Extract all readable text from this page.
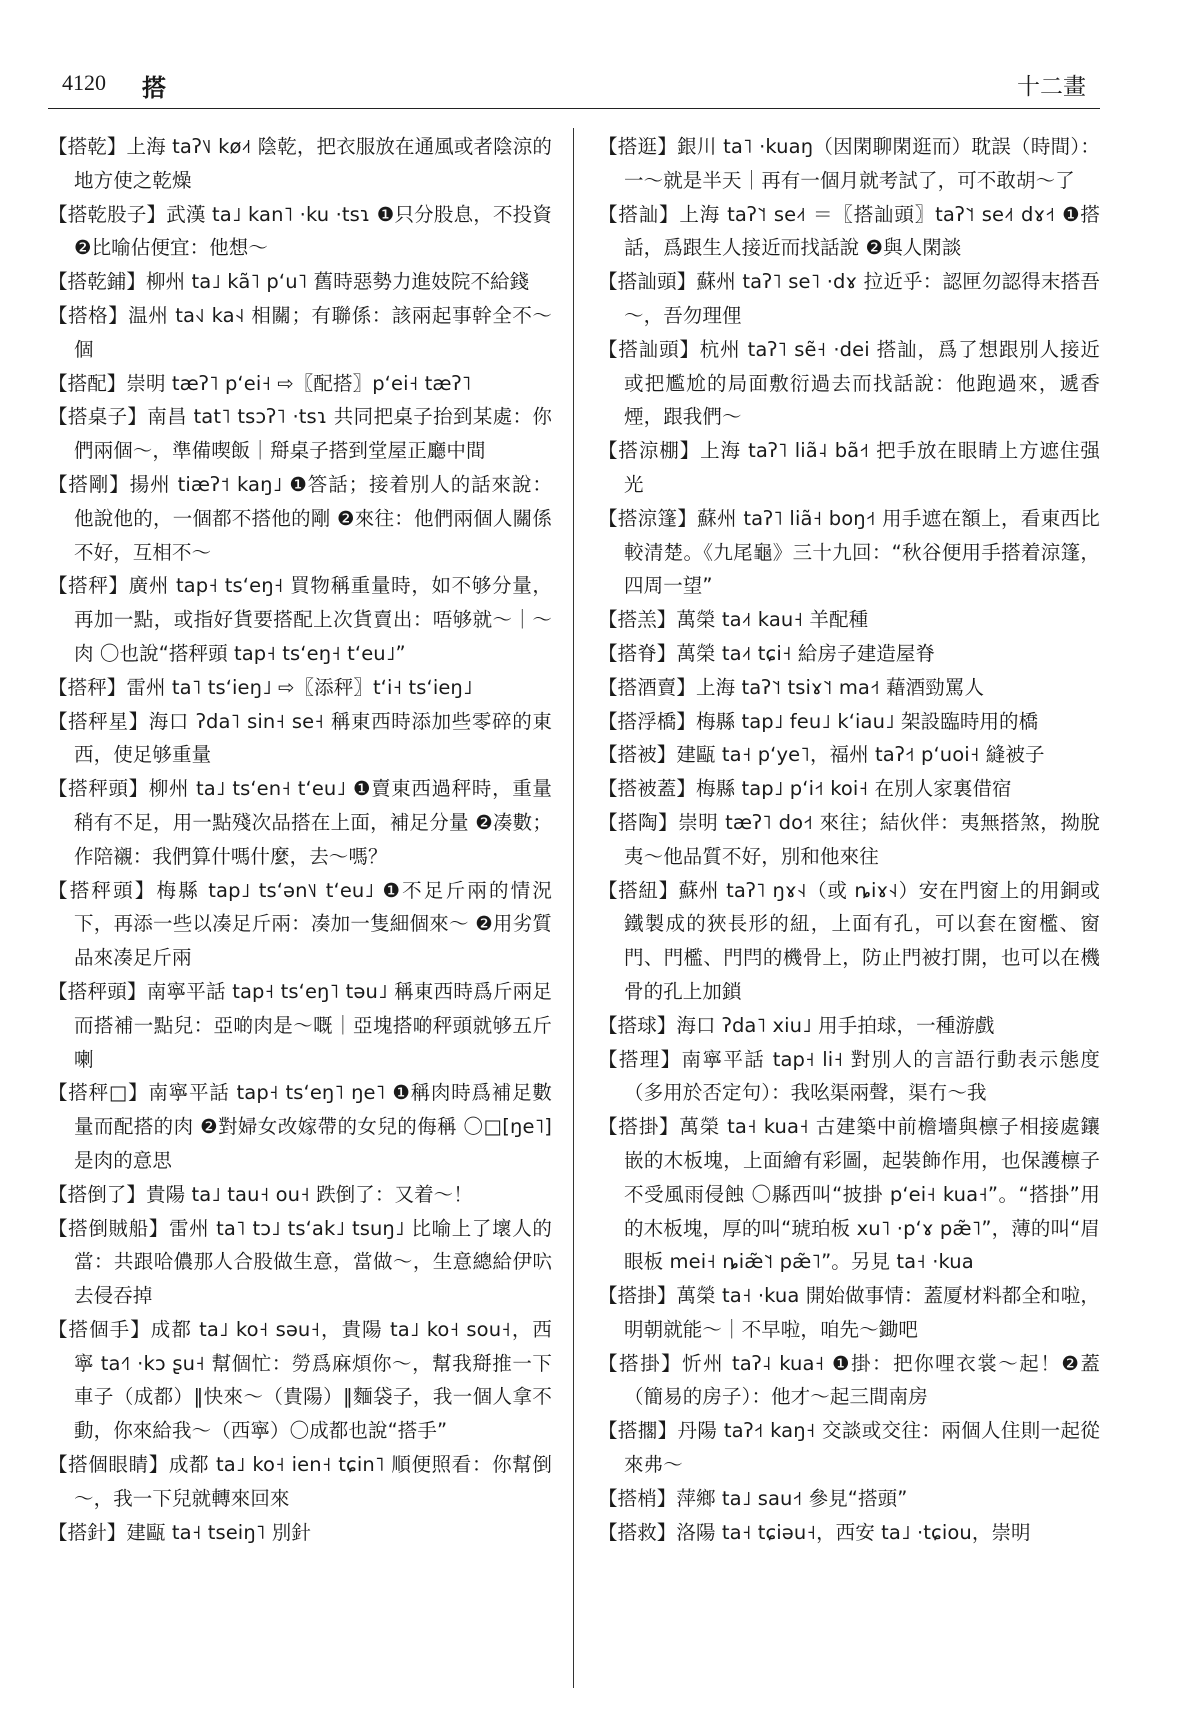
4120 搭	十二畫

【搭乾】上海 taʔ˥˩ kø˨˦ 陰乾，把衣服放在通風或者陰涼的地方使之乾燥

【搭乾股子】武漢 ta˩ kan˥ ·ku ·tsɿ ❶只分股息，不投資 ❷比喻佔便宜：他想～

【搭乾鋪】柳州 ta˩ kã˥ pʻu˥ 舊時惡勢力進妓院不給錢

【搭格】温州 ta˧˩ ka˧˨ 相關；有聯係：該兩起事幹全不～個

【搭配】崇明 tæʔ˥ pʻei˧ ⇨〖配搭〗pʻei˧ tæʔ˥

【搭桌子】南昌 tat˥ tsɔʔ˥ ·tsɿ 共同把桌子抬到某處：你們兩個～，準備喫飯｜搿桌子搭到堂屋正廳中間

【搭剛】揚州 tiæʔ˦ kaŋ˩ ❶答話；接着別人的話來說：他說他的，一個都不搭他的剛 ❷來往：他們兩個人關係不好，互相不～

【搭秤】廣州 tap˧ tsʻeŋ˧ 買物稱重量時，如不够分量，再加一點，或指好貨要搭配上次貨賣出：唔够就～｜～肉 〇也說“搭秤頭 tap˧ tsʻeŋ˧ tʻeu˩”

【搭秤】雷州 ta˥ tsʻieŋ˩ ⇨〖添秤〗tʻi˧ tsʻieŋ˩

【搭秤星】海口 ʔda˥ sin˧ se˧ 稱東西時添加些零碎的東西，使足够重量

【搭秤頭】柳州 ta˩ tsʻen˧ tʻeu˩ ❶賣東西過秤時，重量稍有不足，用一點殘次品搭在上面，補足分量 ❷凑數；作陪襯：我們算什嗎什麼，去～嗎？

【搭秤頭】梅縣 tap˩ tsʻən˥˩ tʻeu˩ ❶不足斤兩的情況下，再添一些以凑足斤兩：凑加一隻細個來～ ❷用劣質品來凑足斤兩

【搭秤頭】南寧平話 tap˧ tsʻeŋ˥ təu˩ 稱東西時爲斤兩足而搭補一點兒：亞啲肉是～嘅｜亞塊搭啲秤頭就够五斤喇

【搭秤□】南寧平話 tap˧ tsʻeŋ˥ ŋe˥ ❶稱肉時爲補足數量而配搭的肉 ❷對婦女改嫁帶的女兒的侮稱 〇□[ŋe˥]是肉的意思

【搭倒了】貴陽 ta˩ tau˧ ou˧ 跌倒了：又着～！

【搭倒賊船】雷州 ta˥ tɔ˩ tsʻak˩ tsuŋ˩ 比喻上了壞人的當：共跟哈儂那人合股做生意，當做～，生意總給伊𠯿去侵吞掉

【搭個手】成都 ta˩ ko˧ səu˧，貴陽 ta˩ ko˧ sou˧，西寧 ta˧˥ ·kɔ ʂu˧ 幫個忙：勞爲麻煩你～，幫我搿推一下車子（成都）‖快來～（貴陽）‖麵袋子，我一個人拿不動，你來給我～（西寧）〇成都也說“搭手”

【搭個眼睛】成都 ta˩ ko˧ ien˧ tɕin˥ 順便照看：你幫倒～，我一下兒就轉來回來

【搭針】建甌 ta˧ tseiŋ˥ 別針

【搭逛】銀川 ta˥ ·kuaŋ（因閑聊閑逛而）耽誤（時間）：一～就是半天｜再有一個月就考試了，可不敢胡～了

【搭訕】上海 taʔ˥˦ se˨˦ ＝〖搭訕頭〗taʔ˥˦ se˨˦ dɤ˧˦ ❶搭話，爲跟生人接近而找話說 ❷與人閑談

【搭訕頭】蘇州 taʔ˥ se˥ ·dɤ 拉近乎：認匣勿認得末搭吾～，吾勿理俚

【搭訕頭】杭州 taʔ˥ sẽ˧ ·dei 搭訕，爲了想跟別人接近或把尷尬的局面敷衍過去而找話說：他跑過來，遞香煙，跟我們～

【搭涼棚】上海 taʔ˥ liã˨ bã˧˦ 把手放在眼睛上方遮住强光

【搭涼篷】蘇州 taʔ˥ liã˧ boŋ˧˦ 用手遮在額上，看東西比較清楚。《九尾龜》三十九回：“秋谷便用手搭着涼篷，四周一望”

【搭羔】萬榮 ta˨˦ kau˧ 羊配種

【搭脊】萬榮 ta˨˦ tɕi˧ 給房子建造屋脊

【搭酒賣】上海 taʔ˥˦ tsiɤ˥˦ ma˧˦ 藉酒勁罵人

【搭浮橋】梅縣 tap˩ feu˩ kʻiau˩ 架設臨時用的橋

【搭被】建甌 ta˧ pʻye˥，福州 taʔ˧˦ pʻuoi˧ 縫被子

【搭被蓋】梅縣 tap˩ pʻi˧˦ koi˧ 在別人家裏借宿

【搭陶】崇明 tæʔ˥ do˧˦ 來往；結伙伴：夷無搭煞，拗脫夷～他品質不好，別和他來往

【搭紐】蘇州 taʔ˥ ŋɤ˧˨（或 ȵiɤ˧˨）安在門窗上的用銅或鐵製成的狹長形的紐，上面有孔，可以套在窗檻、窗門、門檻、門閂的機骨上，防止門被打開，也可以在機骨的孔上加鎖

【搭球】海口 ʔda˥ xiu˩ 用手拍球，一種游戲

【搭理】南寧平話 tap˧ li˧ 對別人的言語行動表示態度（多用於否定句）：我吆渠兩聲，渠冇～我

【搭掛】萬榮 ta˧ kua˧ 古建築中前檐墻與檩子相接處鑲嵌的木板塊，上面繪有彩圖，起裝飾作用，也保護檩子不受風雨侵蝕 〇縣西叫“披掛 pʻei˧ kua˧”。“搭掛”用的木板塊，厚的叫“琥珀板 xu˥ ·pʻɤ pæ̃˥”，薄的叫“眉眼板 mei˧ ȵiæ̃˥˦ pæ̃˥”。另見 ta˧ ·kua

【搭掛】萬榮 ta˧ ·kua 開始做事情：蓋厦材料都全和啦，明朝就能～｜不早啦，咱先～鋤吧

【搭掛】忻州 taʔ˨ kua˧ ❶掛：把你哩衣裳～起！❷蓋（簡易的房子）：他才～起三間南房

【搭擱】丹陽 taʔ˧˦ kaŋ˧ 交談或交往：兩個人住則一起從來弗～

【搭梢】萍鄉 ta˩ sau˧˦ 參見“搭頭”

【搭救】洛陽 ta˧ tɕiəu˧，西安 ta˩ ·tɕiou，崇明
